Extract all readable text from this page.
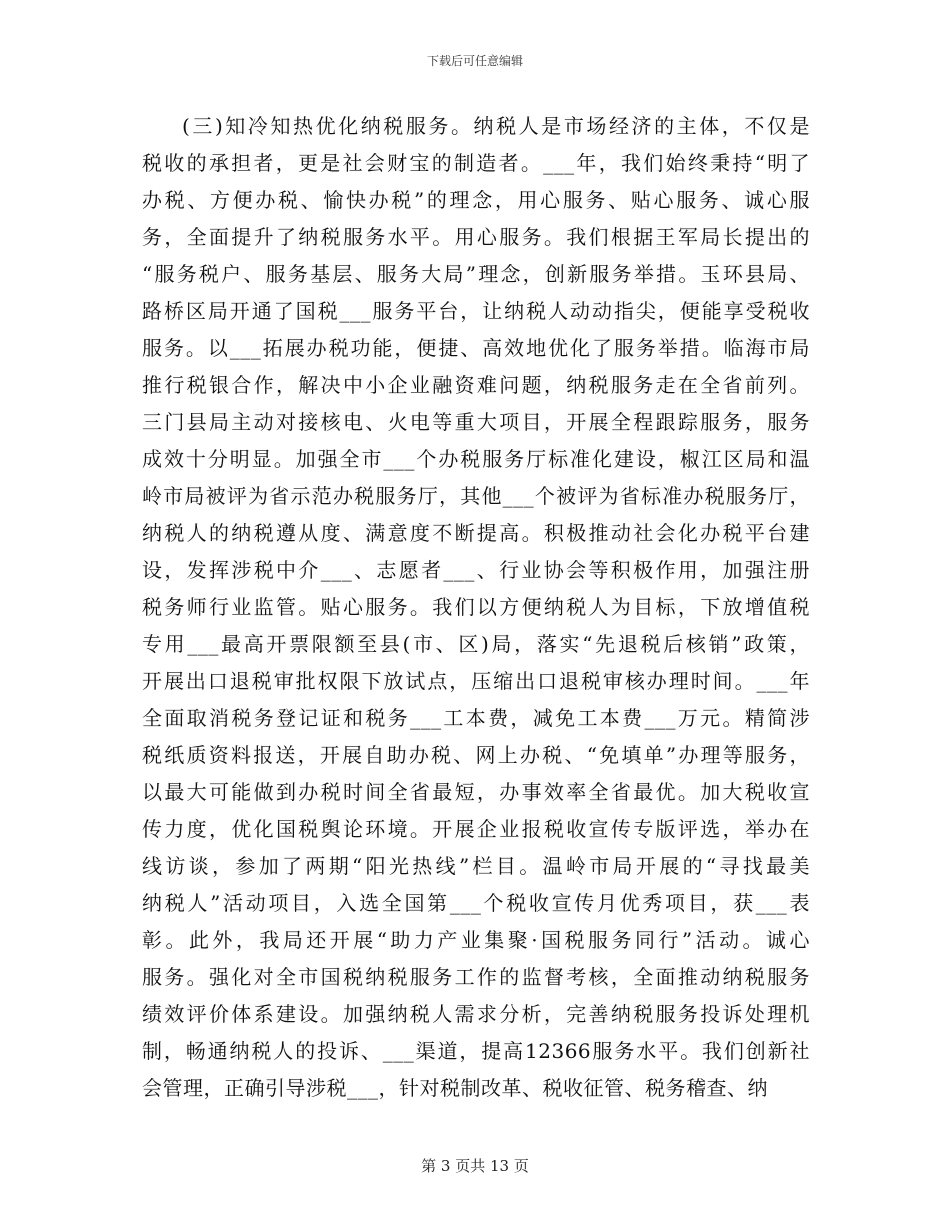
下载后可任意编辑
(三)知冷知热优化纳税服务。纳税人是市场经济的主体，不仅是
税收的承担者，更是社会财宝的制造者。___年，我们始终秉持“明了
办税、方便办税、愉快办税”的理念，用心服务、贴心服务、诚心服
务，全面提升了纳税服务水平。用心服务。我们根据王军局长提出的
“服务税户、服务基层、服务大局”理念，创新服务举措。玉环县局、
路桥区局开通了国税___服务平台，让纳税人动动指尖，便能享受税收
服务。以___拓展办税功能，便捷、高效地优化了服务举措。临海市局
推行税银合作，解决中小企业融资难问题，纳税服务走在全省前列。
三门县局主动对接核电、火电等重大项目，开展全程跟踪服务，服务
成效十分明显。加强全市___个办税服务厅标准化建设，椒江区局和温
岭市局被评为省示范办税服务厅，其他___个被评为省标准办税服务厅，
纳税人的纳税遵从度、满意度不断提高。积极推动社会化办税平台建
设，发挥涉税中介___、志愿者___、行业协会等积极作用，加强注册
税务师行业监管。贴心服务。我们以方便纳税人为目标，下放增值税
专用___最高开票限额至县(市、区)局，落实“先退税后核销”政策，
开展出口退税审批权限下放试点，压缩出口退税审核办理时间。___年
全面取消税务登记证和税务___工本费，减免工本费___万元。精简涉
税纸质资料报送，开展自助办税、网上办税、“免填单”办理等服务，
以最大可能做到办税时间全省最短，办事效率全省最优。加大税收宣
传力度，优化国税舆论环境。开展企业报税收宣传专版评选，举办在
线访谈，参加了两期“阳光热线”栏目。温岭市局开展的“寻找最美
纳税人”活动项目，入选全国第___个税收宣传月优秀项目，获___表
彰。此外，我局还开展“助力产业集聚·国税服务同行”活动。诚心
服务。强化对全市国税纳税服务工作的监督考核，全面推动纳税服务
绩效评价体系建设。加强纳税人需求分析，完善纳税服务投诉处理机
制，畅通纳税人的投诉、___渠道，提高12366服务水平。我们创新社
会管理，正确引导涉税___，针对税制改革、税收征管、税务稽查、纳
第 3 页共 13 页
